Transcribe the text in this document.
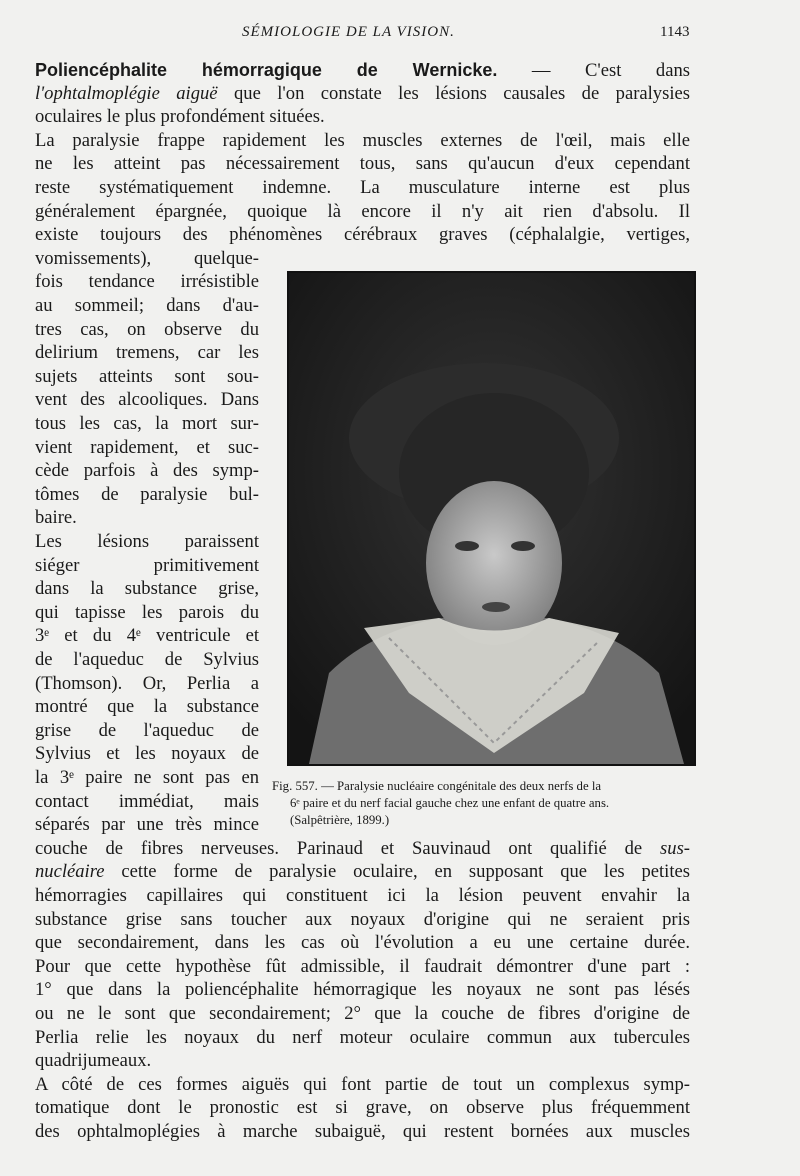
SÉMIOLOGIE DE LA VISION.	1143
Poliencéphalite hémorragique de Wernicke. — C'est dans
l'ophtalmoplégie aiguë que l'on constate les lésions causales de paralysies
oculaires le plus profondément situées.
La paralysie frappe rapidement les muscles externes de l'œil, mais elle
ne les atteint pas nécessairement tous, sans qu'aucun d'eux cependant
reste systématiquement indemne. La musculature interne est plus
généralement épargnée, quoique là encore il n'y ait rien d'absolu. Il
existe toujours des phénomènes cérébraux graves (céphalalgie, vertiges,
vomissements), quelque-
fois tendance irrésistible
au sommeil; dans d'au-
tres cas, on observe du
delirium tremens, car les
sujets atteints sont sou-
vent des alcooliques. Dans
tous les cas, la mort sur-
vient rapidement, et suc-
cède parfois à des symp-
tômes de paralysie bul-
baire.
Les lésions paraissent
siéger primitivement
dans la substance grise,
qui tapisse les parois du
3ᵉ et du 4ᵉ ventricule et
de l'aqueduc de Sylvius
(Thomson). Or, Perlia a
montré que la substance
grise de l'aqueduc de
Sylvius et les noyaux de
la 3ᵉ paire ne sont pas en
contact immédiat, mais
séparés par une très mince
couche de fibres nerveuses. Parinaud et Sauvinaud ont qualifié de sus-
nucléaire cette forme de paralysie oculaire, en supposant que les petites
hémorragies capillaires qui constituent ici la lésion peuvent envahir la
substance grise sans toucher aux noyaux d'origine qui ne seraient pris
que secondairement, dans les cas où l'évolution a eu une certaine durée.
Pour que cette hypothèse fût admissible, il faudrait démontrer d'une part :
1° que dans la poliencéphalite hémorragique les noyaux ne sont pas lésés
ou ne le sont que secondairement; 2° que la couche de fibres d'origine de
Perlia relie les noyaux du nerf moteur oculaire commun aux tubercules
quadrijumeaux.
A côté de ces formes aiguës qui font partie de tout un complexus symp-
tomatique dont le pronostic est si grave, on observe plus fréquemment
des ophtalmoplégies à marche subaiguë, qui restent bornées aux muscles
Fig. 557. — Paralysie nucléaire congénitale des deux nerfs de la
6ᵉ paire et du nerf facial gauche chez une enfant de quatre ans.
(Salpêtrière, 1899.)
